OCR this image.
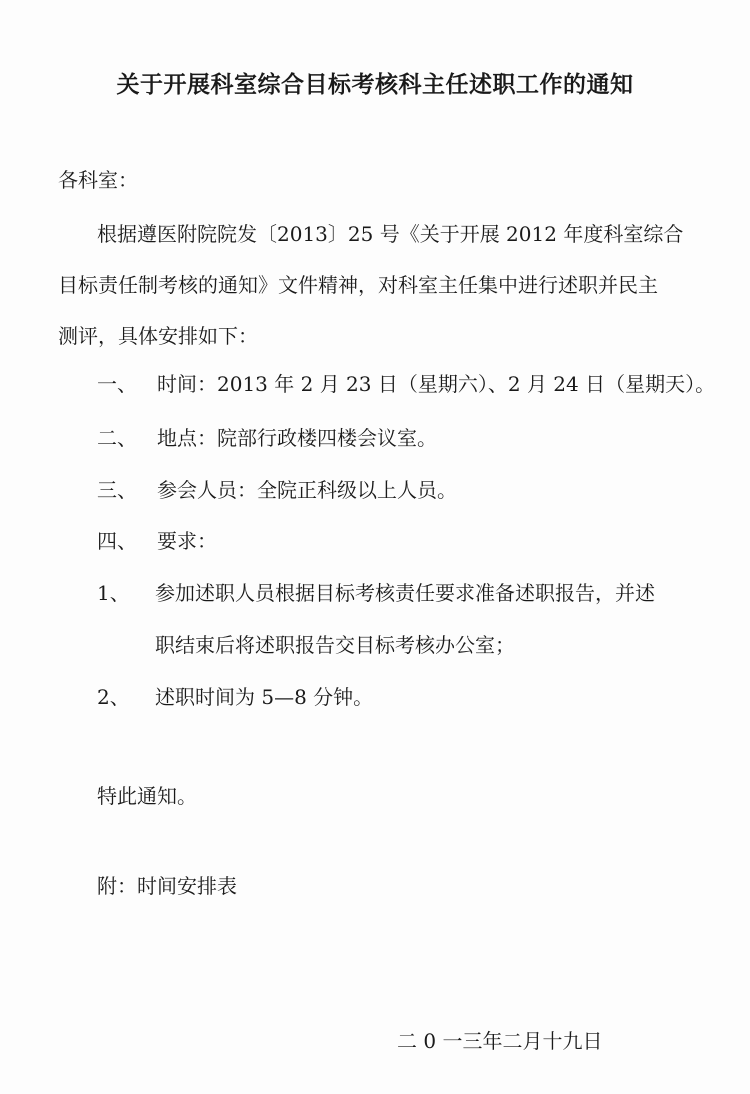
关于开展科室综合目标考核科主任述职工作的通知
各科室：
根据遵医附院院发〔2013〕25 号《关于开展 2012 年度科室综合
目标责任制考核的通知》文件精神，对科室主任集中进行述职并民主
测评，具体安排如下：
一、 时间：2013 年 2 月 23 日（星期六）、2 月 24 日（星期天）。
二、 地点：院部行政楼四楼会议室。
三、 参会人员：全院正科级以上人员。
四、 要求：
1、 参加述职人员根据目标考核责任要求准备述职报告，并述
职结束后将述职报告交目标考核办公室；
2、 述职时间为 5—8 分钟。
特此通知。
附：时间安排表
二 0 一三年二月十九日
